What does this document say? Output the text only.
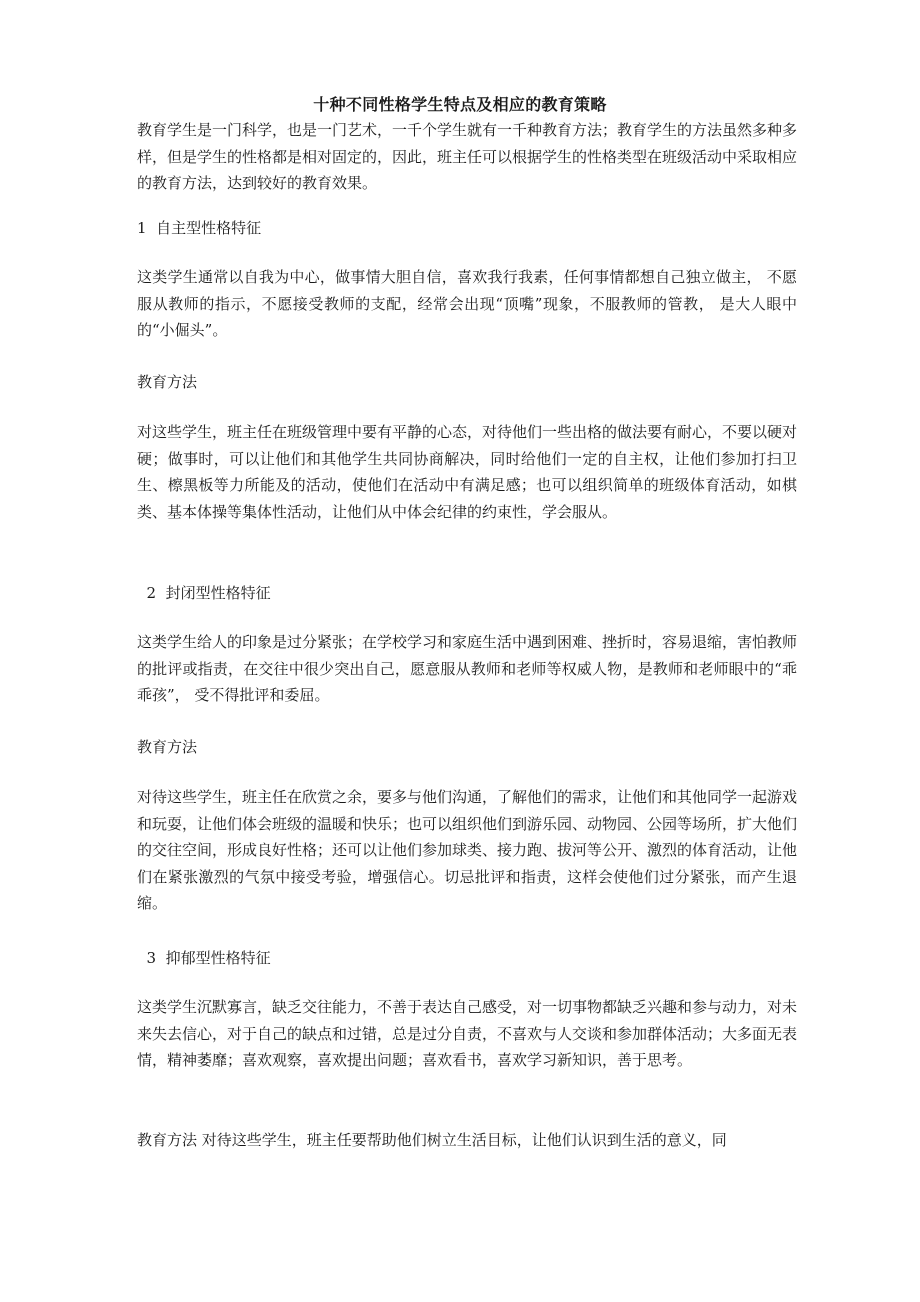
十种不同性格学生特点及相应的教育策略

教育学生是一门科学，也是一门艺术，一千个学生就有一千种教育方法；教育学生的方法虽然多种多样，但是学生的性格都是相对固定的，因此，班主任可以根据学生的性格类型在班级活动中采取相应的教育方法，达到较好的教育效果。

1  自主型性格特征

这类学生通常以自我为中心，做事情大胆自信，喜欢我行我素，任何事情都想自己独立做主， 不愿服从教师的指示，不愿接受教师的支配，经常会出现“顶嘴”现象，不服教师的管教， 是大人眼中的“小倔头”。

教育方法

对这些学生，班主任在班级管理中要有平静的心态，对待他们一些出格的做法要有耐心，不要以硬对硬；做事时，可以让他们和其他学生共同协商解决，同时给他们一定的自主权，让他们参加打扫卫生、檫黑板等力所能及的活动，使他们在活动中有满足感；也可以组织简单的班级体育活动，如棋类、基本体操等集体性活动，让他们从中体会纪律的约束性，学会服从。

2  封闭型性格特征

这类学生给人的印象是过分紧张；在学校学习和家庭生活中遇到困难、挫折时，容易退缩，害怕教师的批评或指责，在交往中很少突出自己，愿意服从教师和老师等权威人物，是教师和老师眼中的“乖乖孩”， 受不得批评和委屈。

教育方法

对待这些学生，班主任在欣赏之余，要多与他们沟通，了解他们的需求，让他们和其他同学一起游戏和玩耍，让他们体会班级的温暖和快乐；也可以组织他们到游乐园、动物园、公园等场所，扩大他们的交往空间，形成良好性格；还可以让他们参加球类、接力跑、拔河等公开、激烈的体育活动，让他们在紧张激烈的气氛中接受考验，增强信心。切忌批评和指责，这样会使他们过分紧张，而产生退缩。

3  抑郁型性格特征

这类学生沉默寡言，缺乏交往能力，不善于表达自己感受，对一切事物都缺乏兴趣和参与动力，对未来失去信心，对于自己的缺点和过错，总是过分自责，不喜欢与人交谈和参加群体活动；大多面无表情，精神萎靡；喜欢观察，喜欢提出问题；喜欢看书，喜欢学习新知识，善于思考。

教育方法 对待这些学生，班主任要帮助他们树立生活目标，让他们认识到生活的意义，同
